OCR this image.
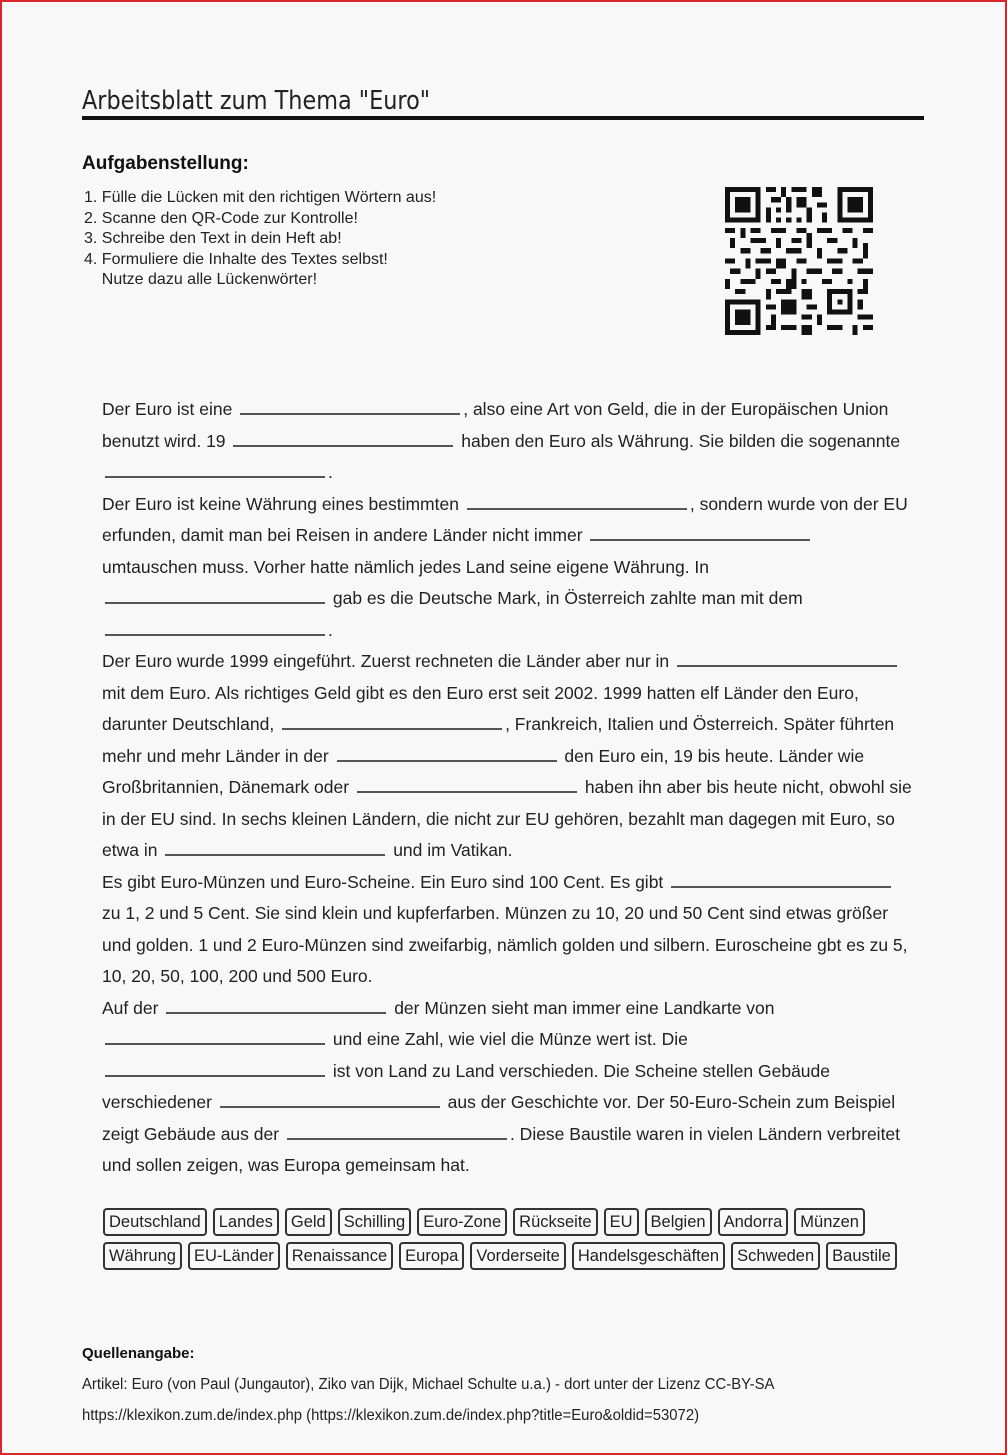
Arbeitsblatt zum Thema "Euro"
Aufgabenstellung:
1. Fülle die Lücken mit den richtigen Wörtern aus!
2. Scanne den QR-Code zur Kontrolle!
3. Schreibe den Text in dein Heft ab!
4. Formuliere die Inhalte des Textes selbst!
Nutze dazu alle Lückenwörter!

Der Euro ist eine	, also eine Art von Geld, die in der Europäischen Union benutzt wird. 19	haben den Euro als Währung. Sie bilden die sogenannte .

Der Euro ist keine Währung eines bestimmten	, sondern wurde von der EU erfunden, damit man bei Reisen in andere Länder nicht immer  umtauschen muss. Vorher hatte nämlich jedes Land seine eigene Währung. In  gab es die Deutsche Mark, in Österreich zahlte man mit dem .

Der Euro wurde 1999 eingeführt. Zuerst rechneten die Länder aber nur in  mit dem Euro. Als richtiges Geld gibt es den Euro erst seit 2002. 1999 hatten elf Länder den Euro, darunter Deutschland,	, Frankreich, Italien und Österreich. Später führten mehr und mehr Länder in der	den Euro ein, 19 bis heute. Länder wie Großbritannien, Dänemark oder	haben ihn aber bis heute nicht, obwohl sie in der EU sind. In sechs kleinen Ländern, die nicht zur EU gehören, bezahlt man dagegen mit Euro, so etwa in	und im Vatikan.

Es gibt Euro-Münzen und Euro-Scheine. Ein Euro sind 100 Cent. Es gibt  zu 1, 2 und 5 Cent. Sie sind klein und kupferfarben. Münzen zu 10, 20 und 50 Cent sind etwas größer und golden. 1 und 2 Euro-Münzen sind zweifarbig, nämlich golden und silbern. Euroscheine gbt es zu 5, 10, 20, 50, 100, 200 und 500 Euro.

Auf der	der Münzen sieht man immer eine Landkarte von  und eine Zahl, wie viel die Münze wert ist. Die  ist von Land zu Land verschieden. Die Scheine stellen Gebäude verschiedener	aus der Geschichte vor. Der 50-Euro-Schein zum Beispiel zeigt Gebäude aus der	. Diese Baustile waren in vielen Ländern verbreitet und sollen zeigen, was Europa gemeinsam hat.

Deutschland	Landes	Geld	Schilling	Euro-Zone	Rückseite	EU	Belgien	Andorra	Münzen
Währung	EU-Länder	Renaissance	Europa	Vorderseite	Handelsgeschäften	Schweden	Baustile
Quellenangabe:
Artikel: Euro (von Paul (Jungautor), Ziko van Dijk, Michael Schulte u.a.) - dort unter der Lizenz CC-BY-SA
https://klexikon.zum.de/index.php (https://klexikon.zum.de/index.php?title=Euro&oldid=53072)
